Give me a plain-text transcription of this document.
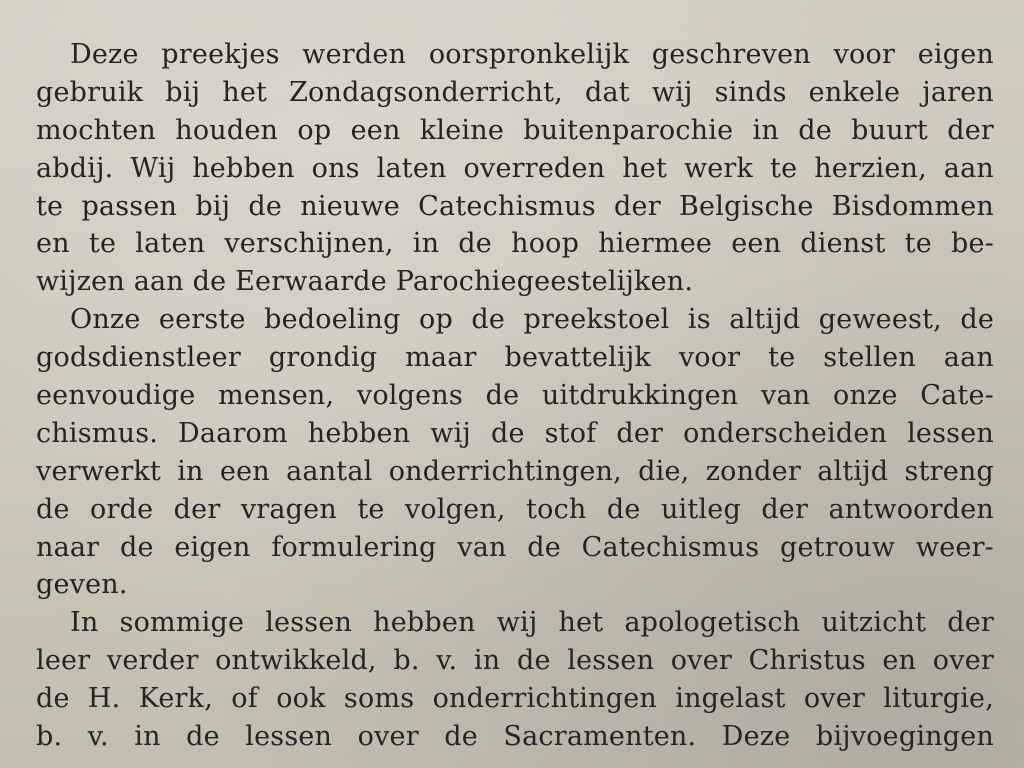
Deze preekjes werden oorspronkelijk geschreven voor eigen
gebruik bij het Zondagsonderricht, dat wij sinds enkele jaren
mochten houden op een kleine buitenparochie in de buurt der
abdij. Wij hebben ons laten overreden het werk te herzien, aan
te passen bij de nieuwe Catechismus der Belgische Bisdommen
en te laten verschijnen, in de hoop hiermee een dienst te be-
wijzen aan de Eerwaarde Parochiegeestelijken.
Onze eerste bedoeling op de preekstoel is altijd geweest, de
godsdienstleer grondig maar bevattelijk voor te stellen aan
eenvoudige mensen, volgens de uitdrukkingen van onze Cate-
chismus. Daarom hebben wij de stof der onderscheiden lessen
verwerkt in een aantal onderrichtingen, die, zonder altijd streng
de orde der vragen te volgen, toch de uitleg der antwoorden
naar de eigen formulering van de Catechismus getrouw weer-
geven.
In sommige lessen hebben wij het apologetisch uitzicht der
leer verder ontwikkeld, b. v. in de lessen over Christus en over
de H. Kerk, of ook soms onderrichtingen ingelast over liturgie,
b. v. in de lessen over de Sacramenten. Deze bijvoegingen
